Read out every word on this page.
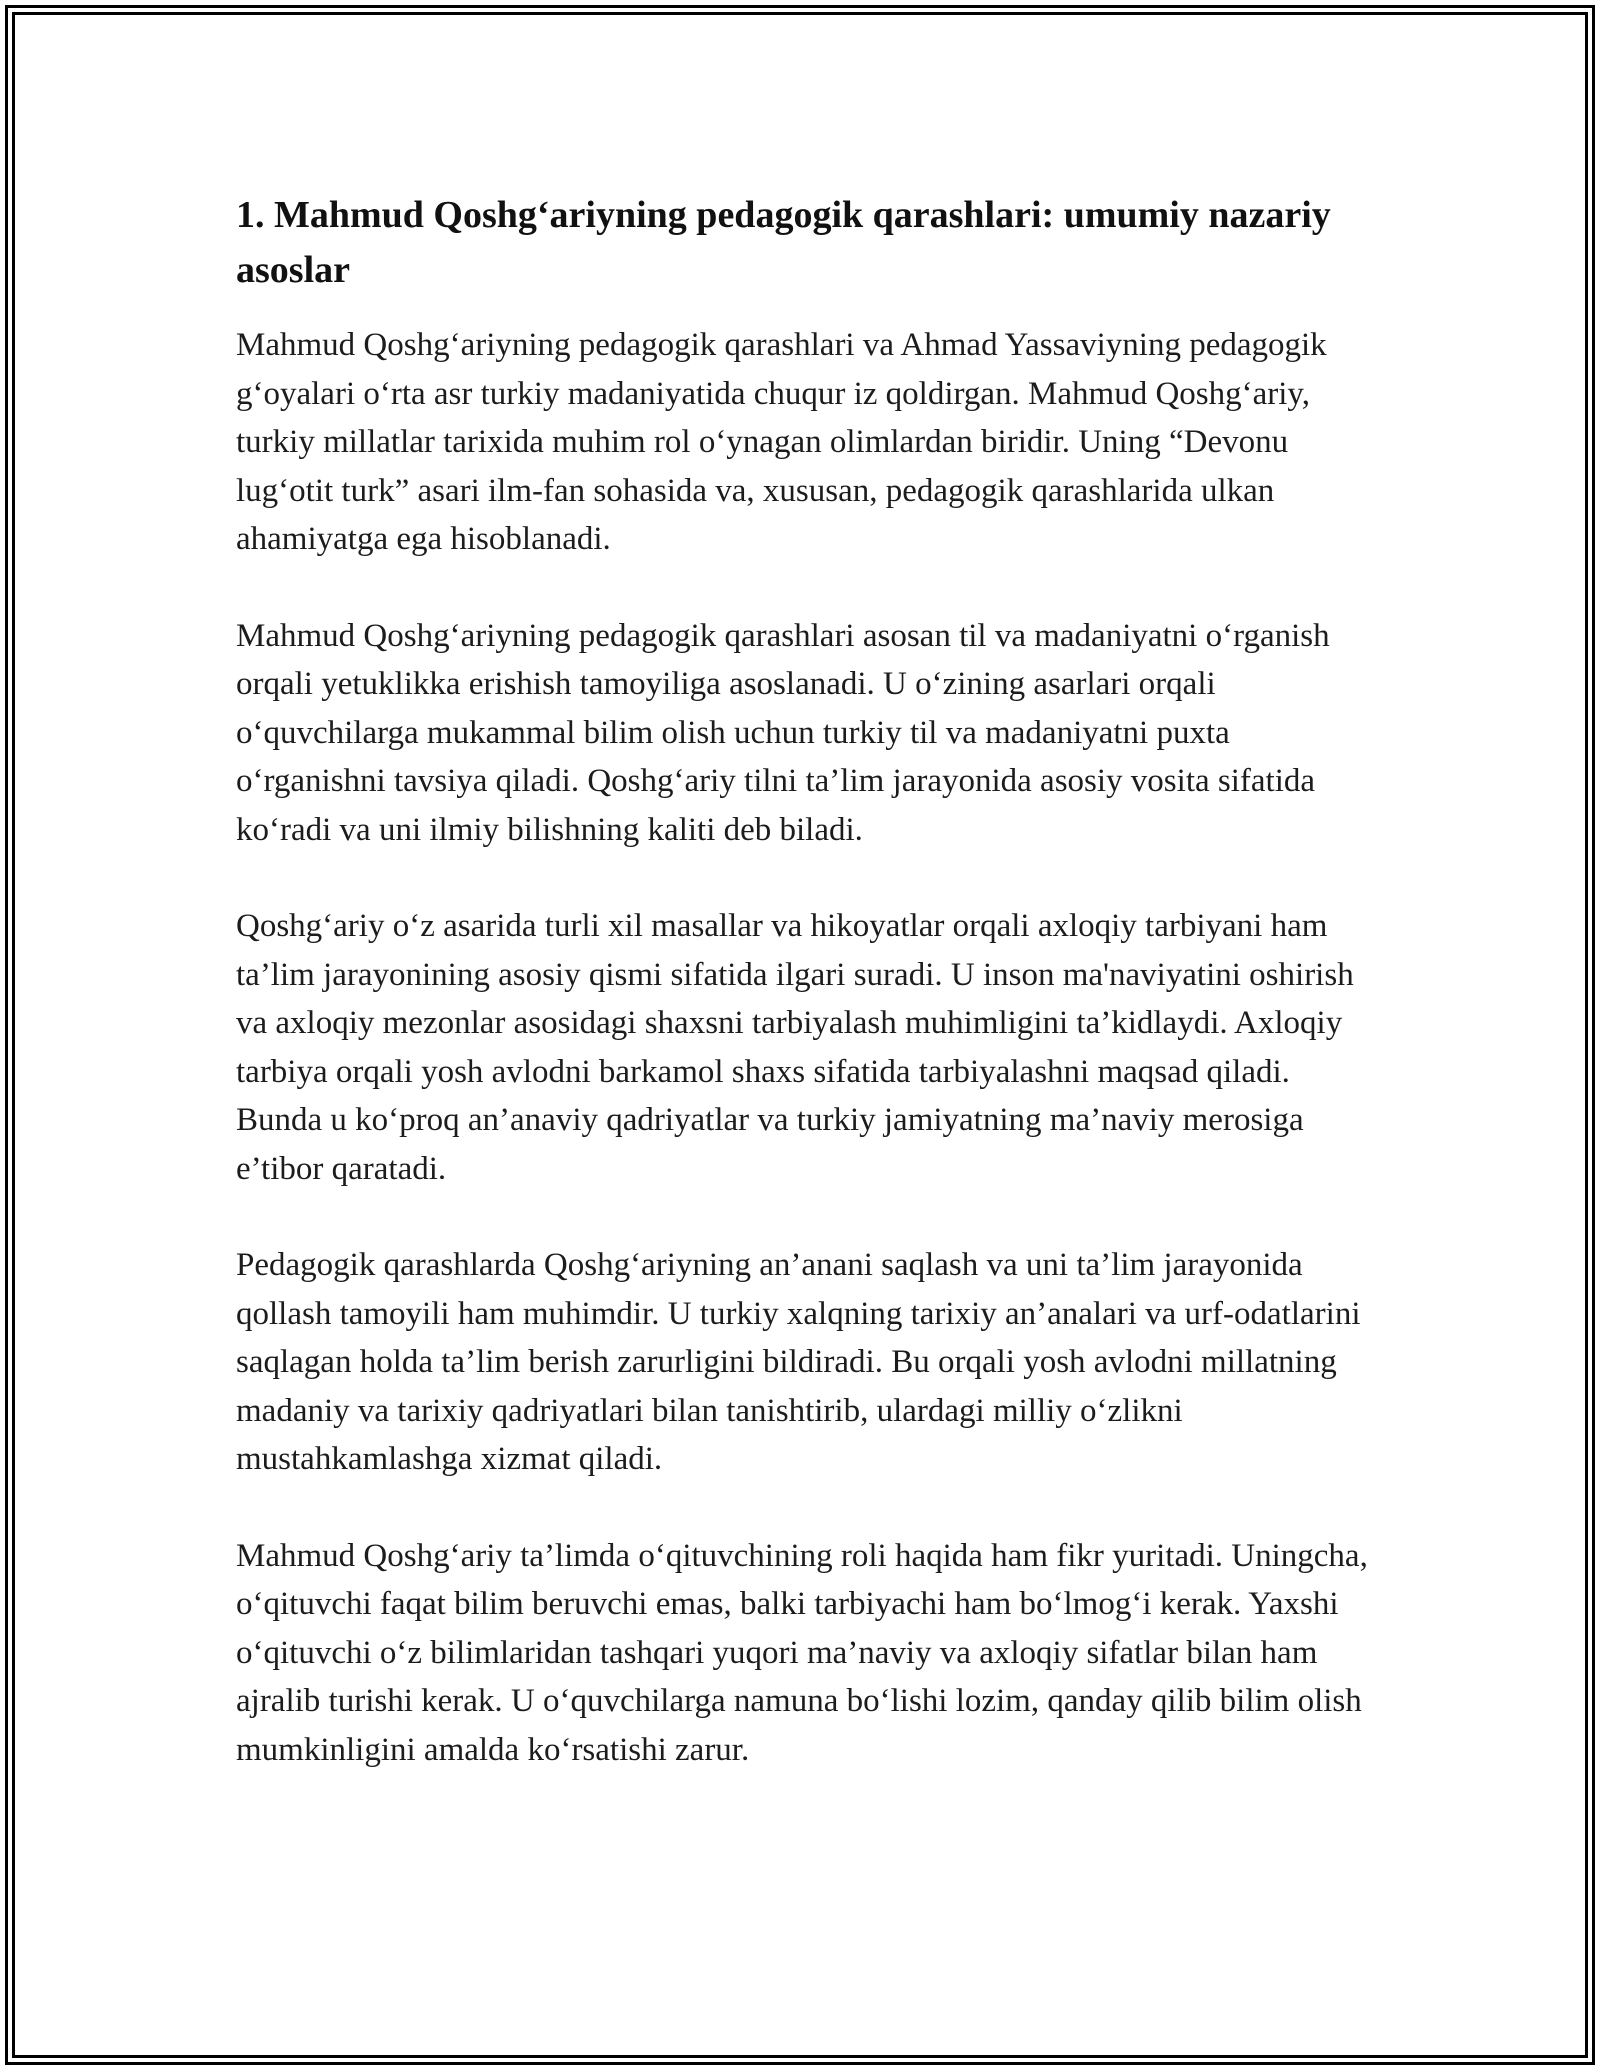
1. Mahmud Qoshg‘ariyning pedagogik qarashlari: umumiy nazariy asoslar

Mahmud Qoshg‘ariyning pedagogik qarashlari va Ahmad Yassaviyning pedagogik g‘oyalari o‘rta asr turkiy madaniyatida chuqur iz qoldirgan. Mahmud Qoshg‘ariy, turkiy millatlar tarixida muhim rol o‘ynagan olimlardan biridir. Uning “Devonu lug‘otit turk” asari ilm-fan sohasida va, xususan, pedagogik qarashlarida ulkan ahamiyatga ega hisoblanadi.

Mahmud Qoshg‘ariyning pedagogik qarashlari asosan til va madaniyatni o‘rganish orqali yetuklikka erishish tamoyiliga asoslanadi. U o‘zining asarlari orqali o‘quvchilarga mukammal bilim olish uchun turkiy til va madaniyatni puxta o‘rganishni tavsiya qiladi. Qoshg‘ariy tilni ta’lim jarayonida asosiy vosita sifatida ko‘radi va uni ilmiy bilishning kaliti deb biladi.

Qoshg‘ariy o‘z asarida turli xil masallar va hikoyatlar orqali axloqiy tarbiyani ham ta’lim jarayonining asosiy qismi sifatida ilgari suradi. U inson ma'naviyatini oshirish va axloqiy mezonlar asosidagi shaxsni tarbiyalash muhimligini ta’kidlaydi. Axloqiy tarbiya orqali yosh avlodni barkamol shaxs sifatida tarbiyalashni maqsad qiladi. Bunda u ko‘proq an’anaviy qadriyatlar va turkiy jamiyatning ma’naviy merosiga e’tibor qaratadi.

Pedagogik qarashlarda Qoshg‘ariyning an’anani saqlash va uni ta’lim jarayonida qollash tamoyili ham muhimdir. U turkiy xalqning tarixiy an’analari va urf-odatlarini saqlagan holda ta’lim berish zarurligini bildiradi. Bu orqali yosh avlodni millatning madaniy va tarixiy qadriyatlari bilan tanishtirib, ulardagi milliy o‘zlikni mustahkamlashga xizmat qiladi.

Mahmud Qoshg‘ariy ta’limda o‘qituvchining roli haqida ham fikr yuritadi. Uningcha, o‘qituvchi faqat bilim beruvchi emas, balki tarbiyachi ham bo‘lmog‘i kerak. Yaxshi o‘qituvchi o‘z bilimlaridan tashqari yuqori ma’naviy va axloqiy sifatlar bilan ham ajralib turishi kerak. U o‘quvchilarga namuna bo‘lishi lozim, qanday qilib bilim olish mumkinligini amalda ko‘rsatishi zarur.
